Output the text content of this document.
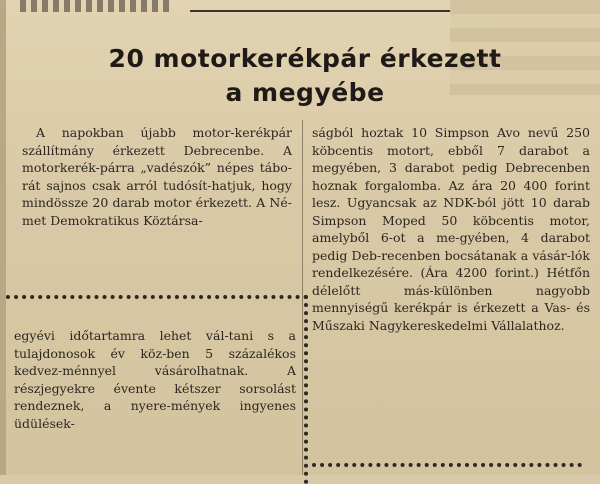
20 motorkerékpár érkezett
a megyébe

A napokban újabb motor-kerékpár szállítmány érkezett Debrecenbe. A motorkerék-párra „vadészók” népes tábo-rát sajnos csak arról tudósít-hatjuk, hogy mindössze 20 darab motor érkezett. A Né-met Demokratikus Köztársa-

ságból hoztak 10 Simpson Avo nevű 250 köbcentis motort, ebből 7 darabot a megyében, 3 darabot pedig Debrecenben hoznak forgalomba. Az ára 20 400 forint lesz. Ugyancsak az NDK-ból jött 10 darab Simpson Moped 50 köbcentis motor, amelyből 6-ot a me-gyében, 4 darabot pedig Deb-recenben bocsátanak a vásár-lók rendelkezésére. (Ára 4200 forint.) Hétfőn délelőtt más-különben nagyobb mennyiségű kerékpár is érkezett a Vas- és Műszaki Nagykereskedelmi Vállalathoz.

egyévi időtartamra lehet vál-tani s a tulajdonosok év köz-ben 5 százalékos kedvez-ménnyel vásárolhatnak. A részjegyekre évente kétszer sorsolást rendeznek, a nyere-mények ingyenes üdülések-
